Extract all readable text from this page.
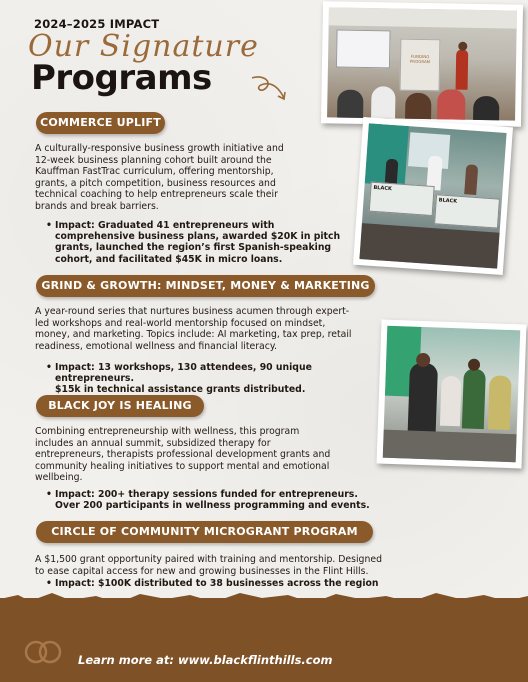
2024–2025 IMPACT
Our Signature
Programs
FUNDING PROGRAM
BLACK
BLACK
COMMERCE UPLIFT
A culturally-responsive business growth initiative and
12-week business planning cohort built around the
Kauffman FastTrac curriculum, offering mentorship,
grants, a pitch competition, business resources and
technical coaching to help entrepreneurs scale their
brands and break barriers.
• Impact: Graduated 41 entrepreneurs with
comprehensive business plans, awarded $20K in pitch
grants, launched the region’s first Spanish-speaking
cohort, and facilitated $45K in micro loans.
GRIND & GROWTH: MINDSET, MONEY & MARKETING
A year-round series that nurtures business acumen through expert-
led workshops and real-world mentorship focused on mindset,
money, and marketing. Topics include: AI marketing, tax prep, retail
readiness, emotional wellness and financial literacy.
• Impact: 13 workshops, 130 attendees, 90 unique entrepreneurs.
$15k in technical assistance grants distributed.
BLACK JOY IS HEALING
Combining entrepreneurship with wellness, this program
includes an annual summit, subsidized therapy for
entrepreneurs, therapists professional development grants and
community healing initiatives to support mental and emotional
wellbeing.
• Impact: 200+ therapy sessions funded for entrepreneurs.
Over 200 participants in wellness programming and events.
CIRCLE OF COMMUNITY MICROGRANT PROGRAM
A $1,500 grant opportunity paired with training and mentorship. Designed
to ease capital access for new and growing businesses in the Flint Hills.
• Impact: $100K distributed to 38 businesses across the region
Learn more at: www.blackflinthills.com
